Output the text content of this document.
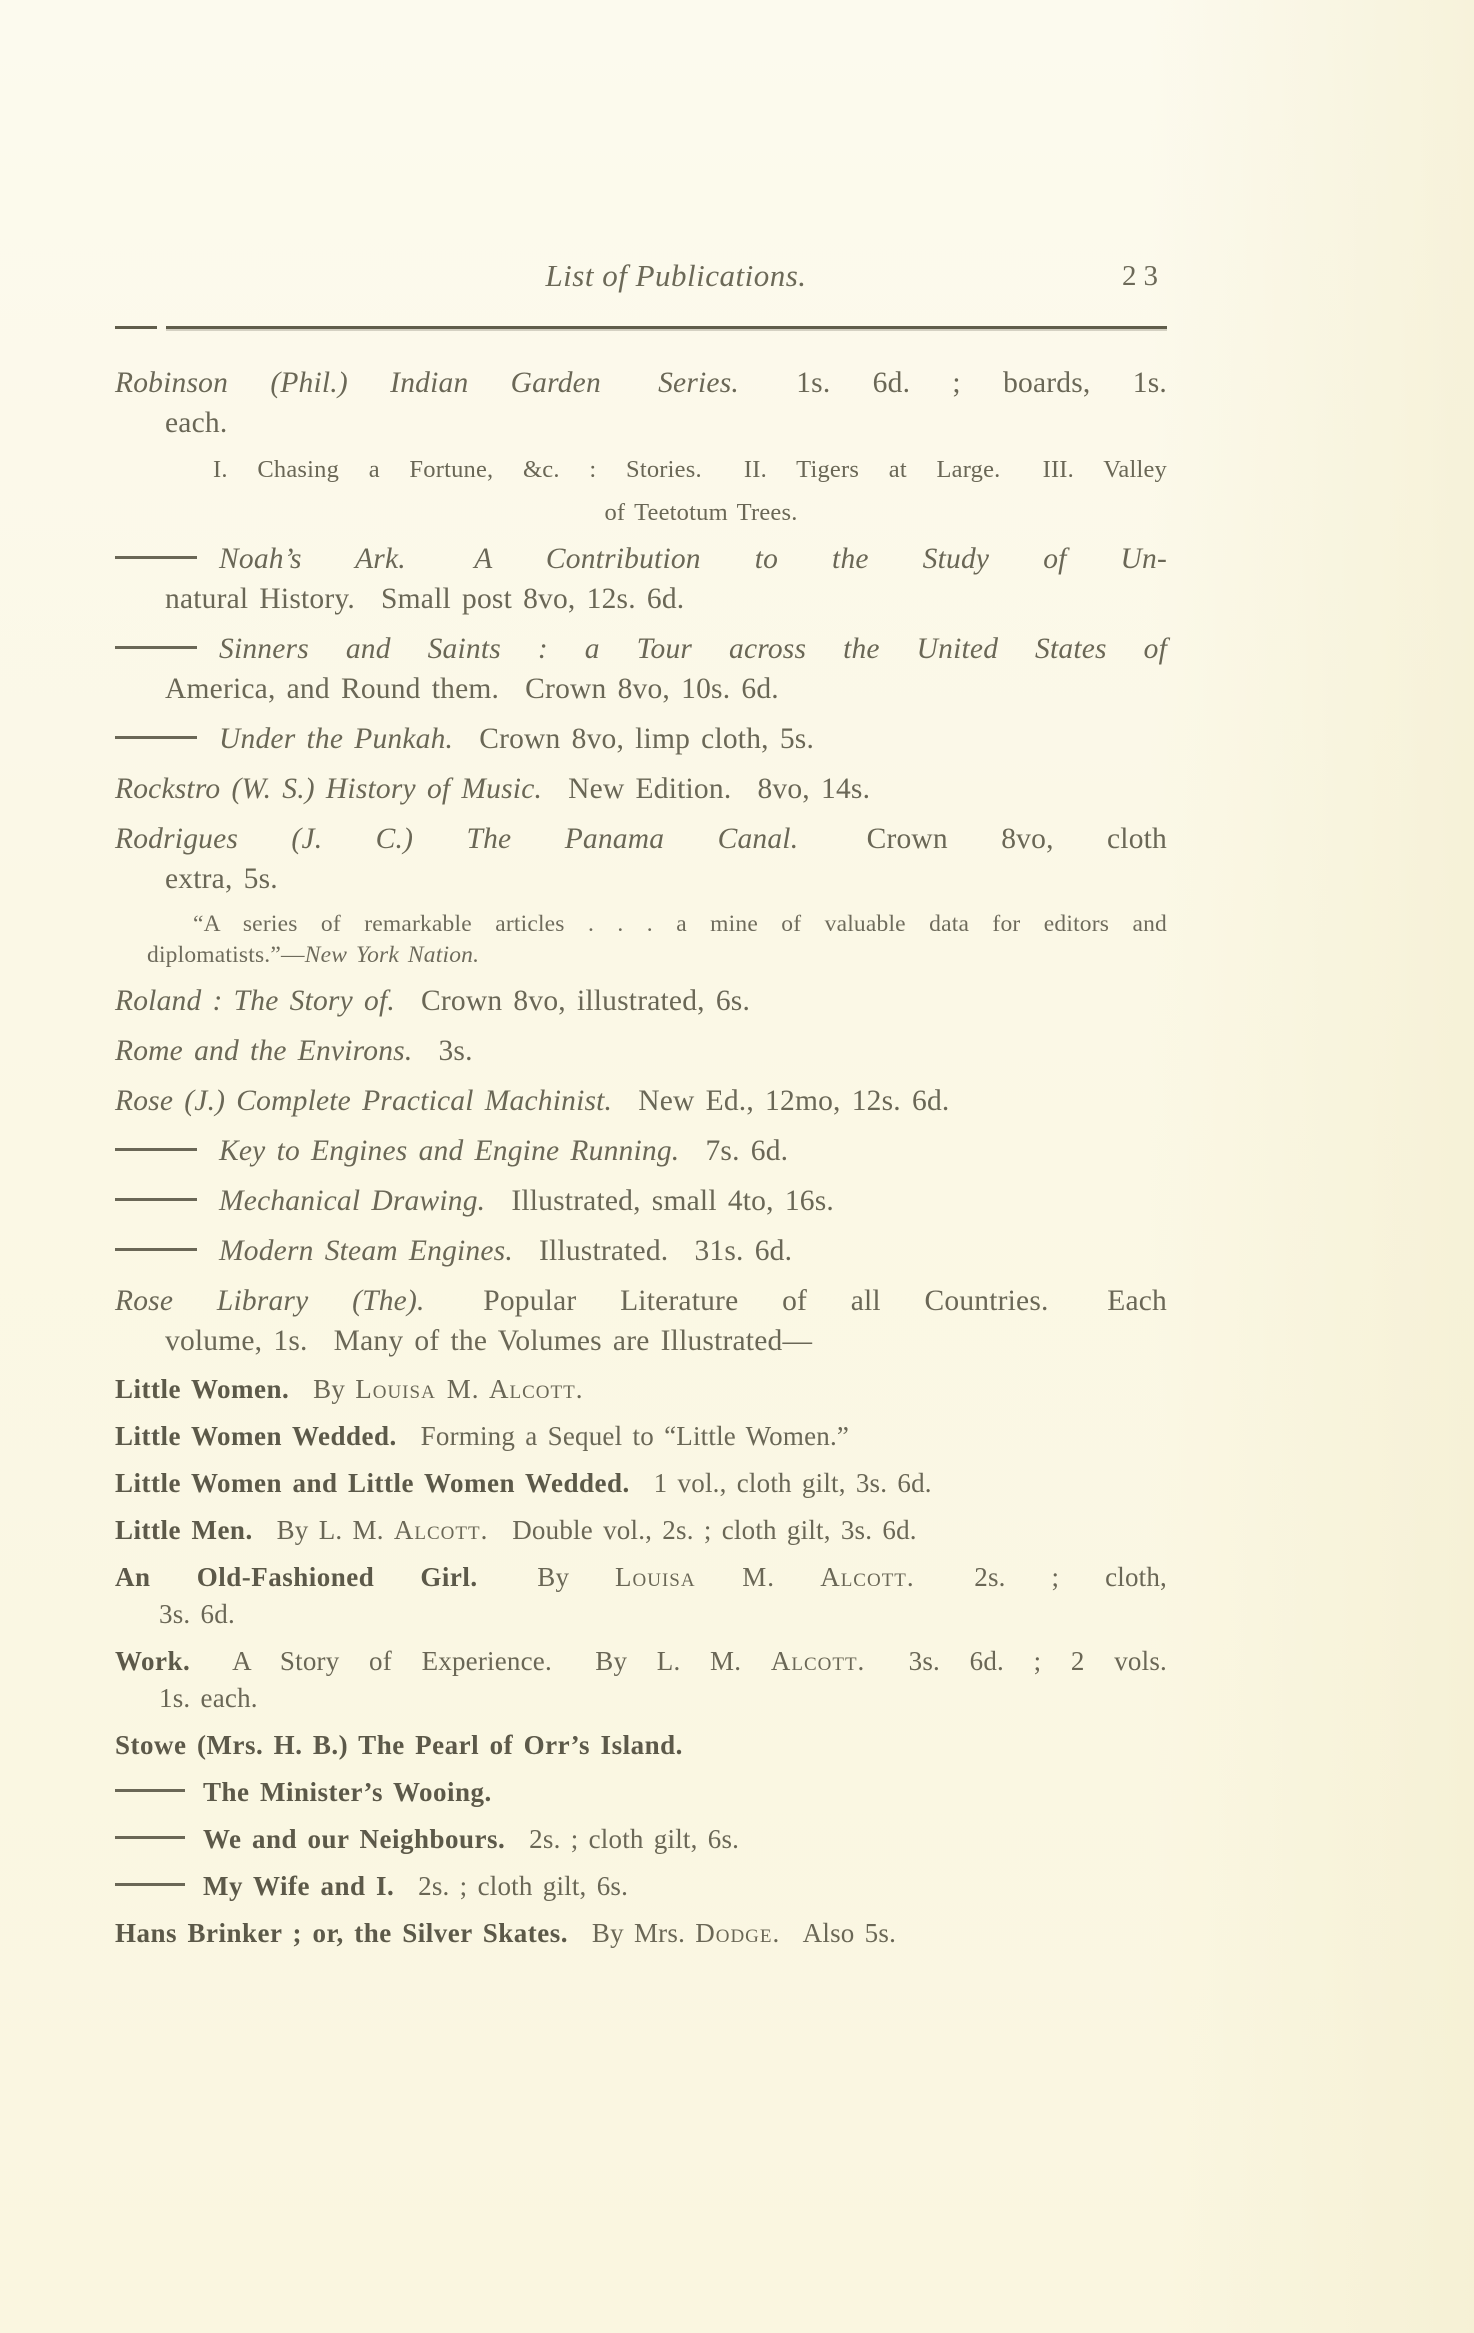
List of Publications.	23

Robinson (Phil.) Indian Garden  Series.  1s. 6d. ; boards, 1s.
each.

I. Chasing a Fortune, &c. : Stories.  II. Tigers at Large.  III. Valley

of Teetotum Trees.

Noah’s Ark.  A Contribution to the Study of Un-
natural History.  Small post 8vo, 12s. 6d.

Sinners and Saints : a Tour across the United States of
America, and Round them.  Crown 8vo, 10s. 6d.

Under the Punkah.  Crown 8vo, limp cloth, 5s.

Rockstro (W. S.) History of Music.  New Edition.  8vo, 14s.

Rodrigues (J. C.) The Panama Canal.  Crown 8vo, cloth
extra, 5s.

“A series of remarkable articles . . . a mine of valuable data for editors and
diplomatists.”—New York Nation.

Roland : The Story of.  Crown 8vo, illustrated, 6s.

Rome and the Environs.  3s.

Rose (J.) Complete Practical Machinist.  New Ed., 12mo, 12s. 6d.

Key to Engines and Engine Running.  7s. 6d.

Mechanical Drawing.  Illustrated, small 4to, 16s.

Modern Steam Engines.  Illustrated.  31s. 6d.

Rose Library (The).  Popular Literature of all Countries.  Each
volume, 1s.  Many of the Volumes are Illustrated—

Little Women.  By Louisa M. Alcott.

Little Women Wedded.  Forming a Sequel to “Little Women.”

Little Women and Little Women Wedded.  1 vol., cloth gilt, 3s. 6d.

Little Men.  By L. M. Alcott.  Double vol., 2s. ; cloth gilt, 3s. 6d.

An Old-Fashioned Girl.  By Louisa M. Alcott.  2s. ; cloth,
3s. 6d.

Work.  A Story of Experience.  By L. M. Alcott.  3s. 6d. ; 2 vols.
1s. each.

Stowe (Mrs. H. B.) The Pearl of Orr’s Island.

The Minister’s Wooing.

We and our Neighbours.  2s. ; cloth gilt, 6s.

My Wife and I.  2s. ; cloth gilt, 6s.

Hans Brinker ; or, the Silver Skates.  By Mrs. Dodge.  Also 5s.
